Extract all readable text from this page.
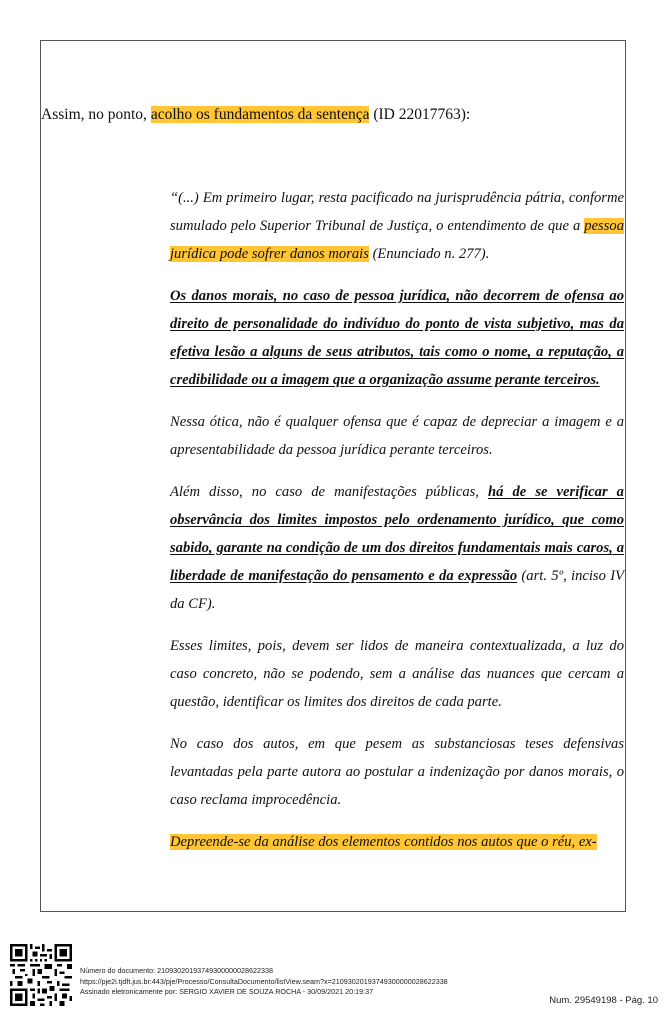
Assim, no ponto, acolho os fundamentos da sentença (ID 22017763):

“(...) Em primeiro lugar, resta pacificado na jurisprudência pátria, conforme sumulado pelo Superior Tribunal de Justiça, o entendimento de que a pessoa jurídica pode sofrer danos morais (Enunciado n. 277).

Os danos morais, no caso de pessoa jurídica, não decorrem de ofensa ao direito de personalidade do indivíduo do ponto de vista subjetivo, mas da efetiva lesão a alguns de seus atributos, tais como o nome, a reputação, a credibilidade ou a imagem que a organização assume perante terceiros.

Nessa ótica, não é qualquer ofensa que é capaz de depreciar a imagem e a apresentabilidade da pessoa jurídica perante terceiros.

Além disso, no caso de manifestações públicas, há de se verificar a observância dos limites impostos pelo ordenamento jurídico, que como sabido, garante na condição de um dos direitos fundamentais mais caros, a liberdade de manifestação do pensamento e da expressão (art. 5º, inciso IV da CF).

Esses limites, pois, devem ser lidos de maneira contextualizada, a luz do caso concreto, não se podendo, sem a análise das nuances que cercam a questão, identificar os limites dos direitos de cada parte.

No caso dos autos, em que pesem as substanciosas teses defensivas levantadas pela parte autora ao postular a indenização por danos morais, o caso reclama improcedência.

Depreende-se da análise dos elementos contidos nos autos que o réu, ex-

Número do documento: 21093020193749300000028622338
https://pje2i.tjdft.jus.br:443/pje/Processo/ConsultaDocumento/listView.seam?x=21093020193749300000028622338
Assinado eletronicamente por: SERGIO XAVIER DE SOUZA ROCHA - 30/09/2021 20:19:37
Num. 29549198 - Pág. 10
